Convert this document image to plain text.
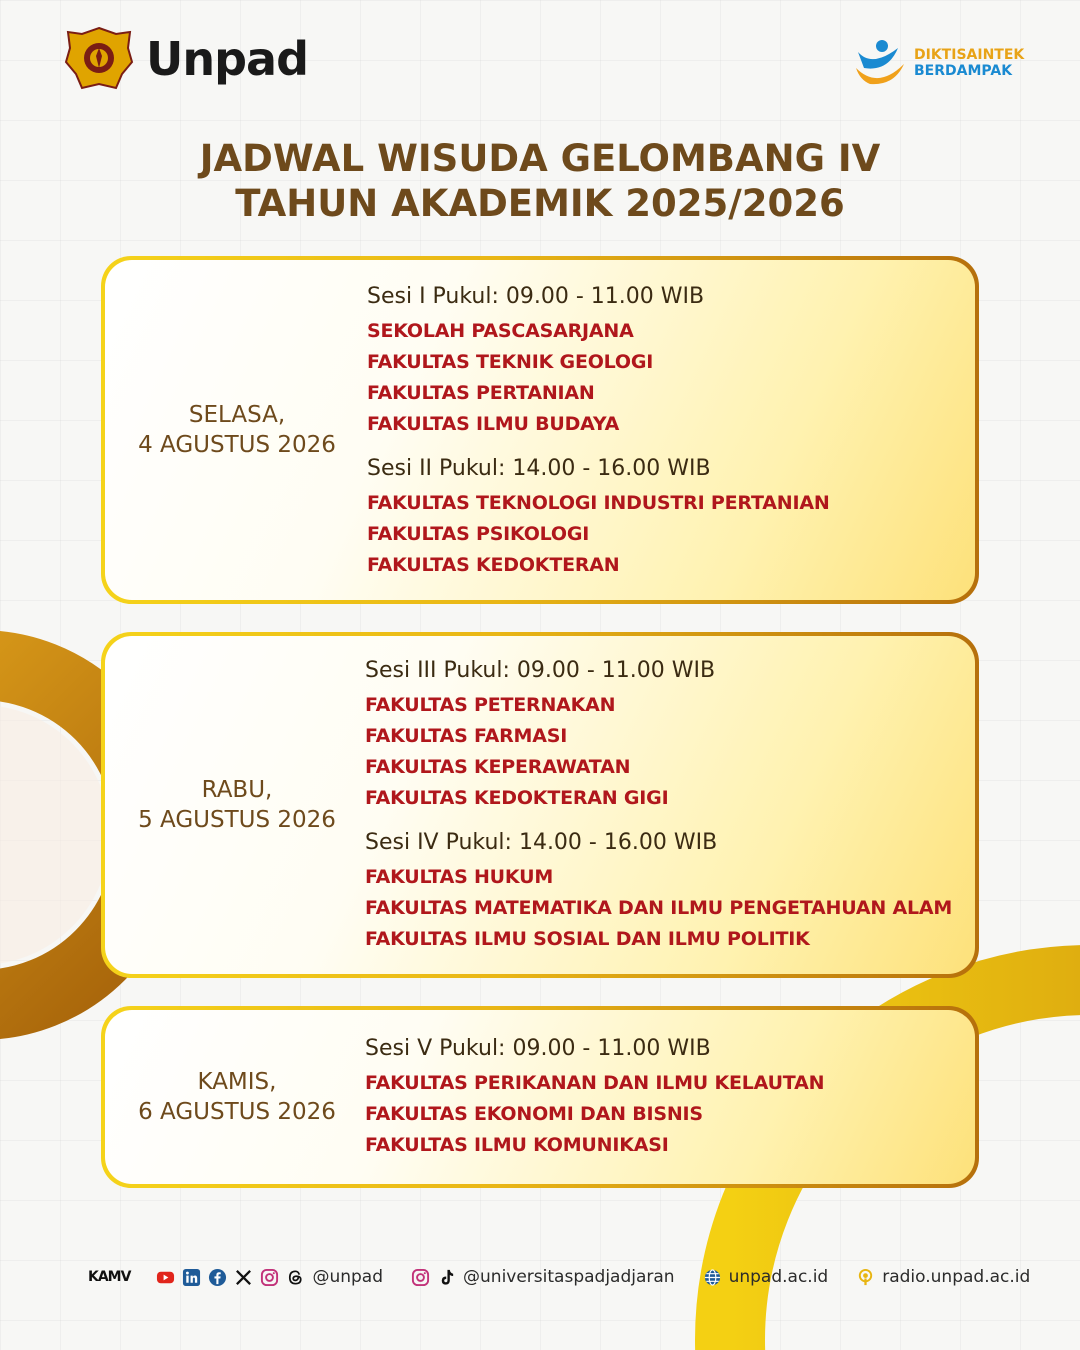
Unpad	DIKTISAINTEK
BERDAMPAK
JADWAL WISUDA GELOMBANG IV
TAHUN AKADEMIK 2025/2026
SELASA,
4 AGUSTUS 2026
Sesi I Pukul: 09.00 - 11.00 WIB
SEKOLAH PASCASARJANA
FAKULTAS TEKNIK GEOLOGI
FAKULTAS PERTANIAN
FAKULTAS ILMU BUDAYA
Sesi II Pukul: 14.00 - 16.00 WIB
FAKULTAS TEKNOLOGI INDUSTRI PERTANIAN
FAKULTAS PSIKOLOGI
FAKULTAS KEDOKTERAN
RABU,
5 AGUSTUS 2026
Sesi III Pukul: 09.00 - 11.00 WIB
FAKULTAS PETERNAKAN
FAKULTAS FARMASI
FAKULTAS KEPERAWATAN
FAKULTAS KEDOKTERAN GIGI
Sesi IV Pukul: 14.00 - 16.00 WIB
FAKULTAS HUKUM
FAKULTAS MATEMATIKA DAN ILMU PENGETAHUAN ALAM
FAKULTAS ILMU SOSIAL DAN ILMU POLITIK
KAMIS,
6 AGUSTUS 2026
Sesi V Pukul: 09.00 - 11.00 WIB
FAKULTAS PERIKANAN DAN ILMU KELAUTAN
FAKULTAS EKONOMI DAN BISNIS
FAKULTAS ILMU KOMUNIKASI
KAMV	@unpad	@universitaspadjadjaran	unpad.ac.id	radio.unpad.ac.id
